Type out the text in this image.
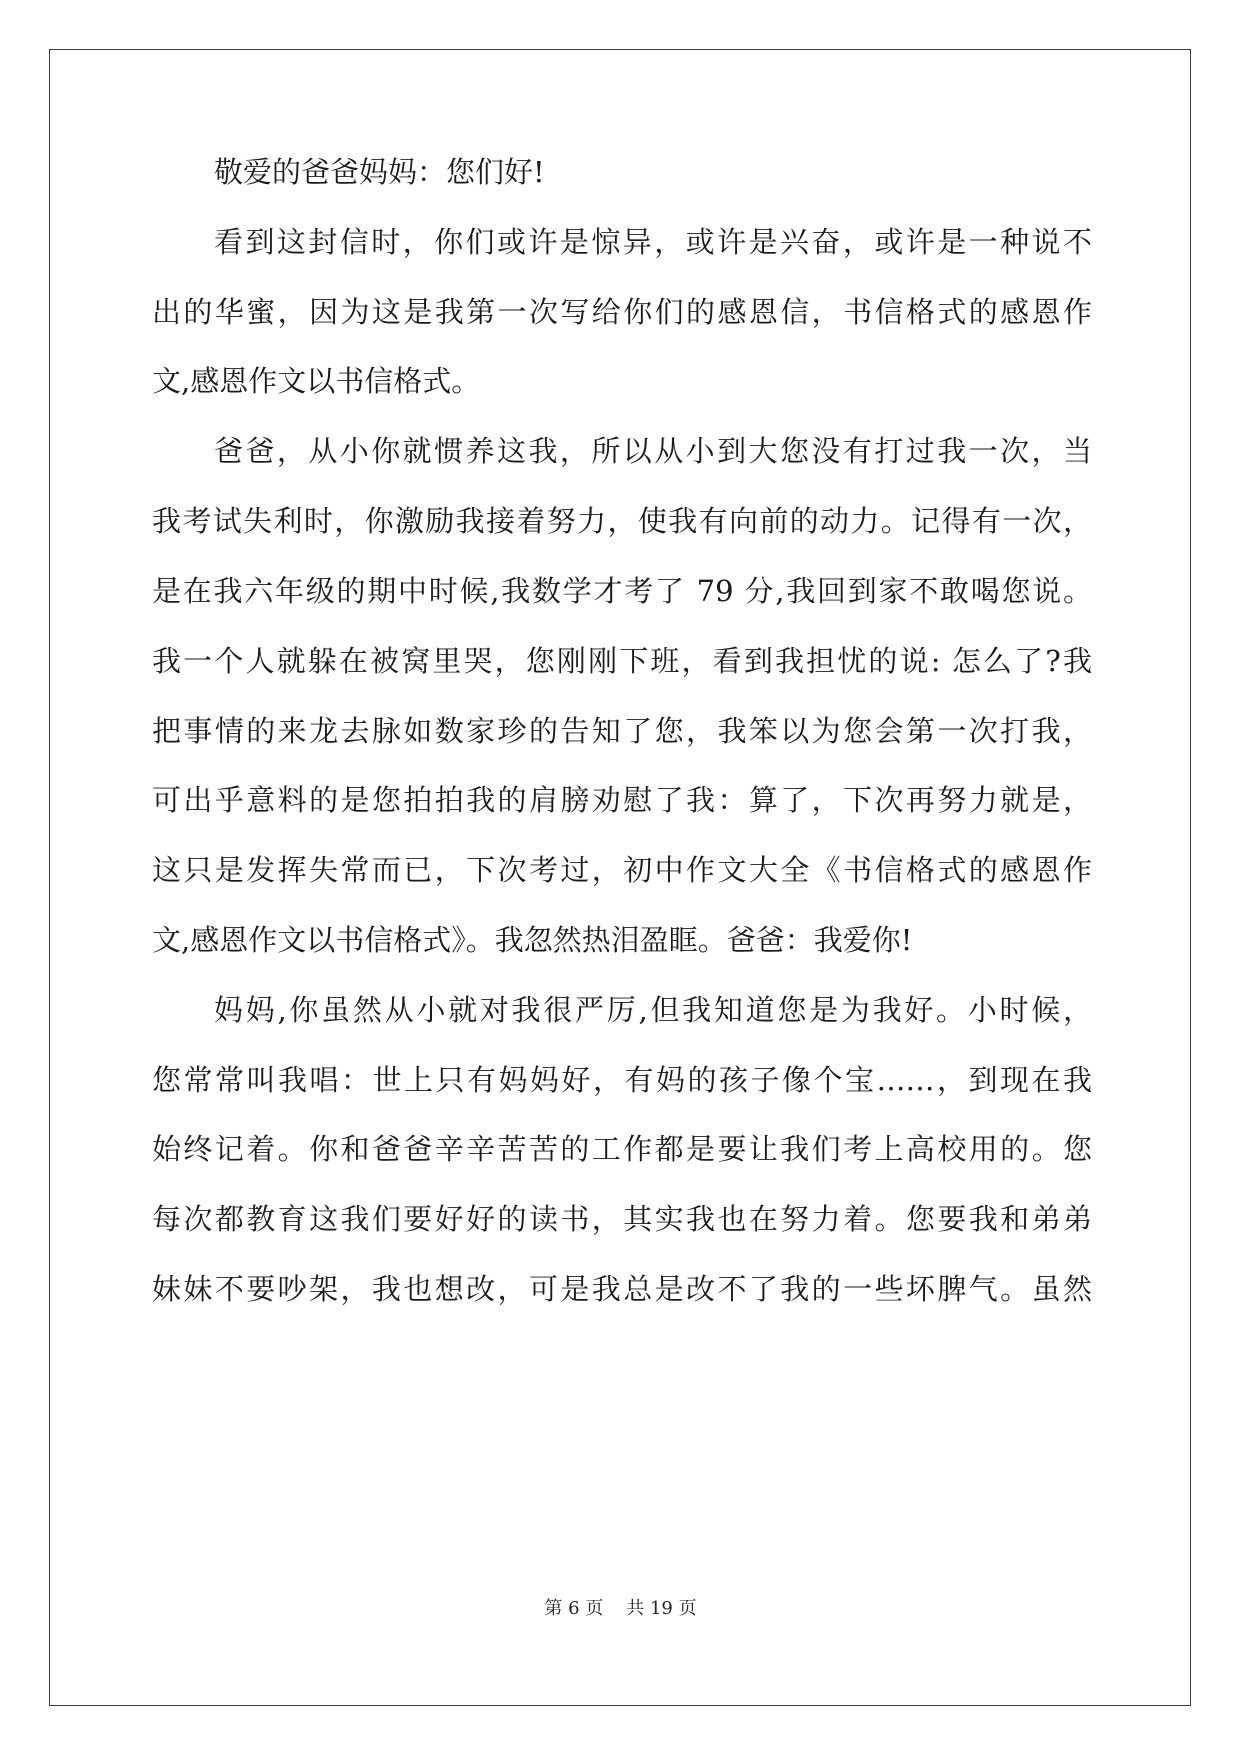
敬爱的爸爸妈妈：您们好!
看到这封信时，你们或许是惊异，或许是兴奋，或许是一种说不
出的华蜜，因为这是我第一次写给你们的感恩信，书信格式的感恩作
文,感恩作文以书信格式。
爸爸，从小你就惯养这我，所以从小到大您没有打过我一次，当
我考试失利时，你激励我接着努力，使我有向前的动力。记得有一次，
是在我六年级的期中时候,我数学才考了 79 分,我回到家不敢喝您说。
我一个人就躲在被窝里哭，您刚刚下班，看到我担忧的说: 怎么了?我
把事情的来龙去脉如数家珍的告知了您，我笨以为您会第一次打我，
可出乎意料的是您拍拍我的肩膀劝慰了我：算了，下次再努力就是，
这只是发挥失常而已，下次考过，初中作文大全《书信格式的感恩作
文,感恩作文以书信格式》。我忽然热泪盈眶。爸爸：我爱你!
妈妈,你虽然从小就对我很严厉,但我知道您是为我好。小时候，
您常常叫我唱：世上只有妈妈好，有妈的孩子像个宝……，到现在我
始终记着。你和爸爸辛辛苦苦的工作都是要让我们考上高校用的。您
每次都教育这我们要好好的读书，其实我也在努力着。您要我和弟弟
妹妹不要吵架，我也想改，可是我总是改不了我的一些坏脾气。虽然
第 6 页 共 19 页
